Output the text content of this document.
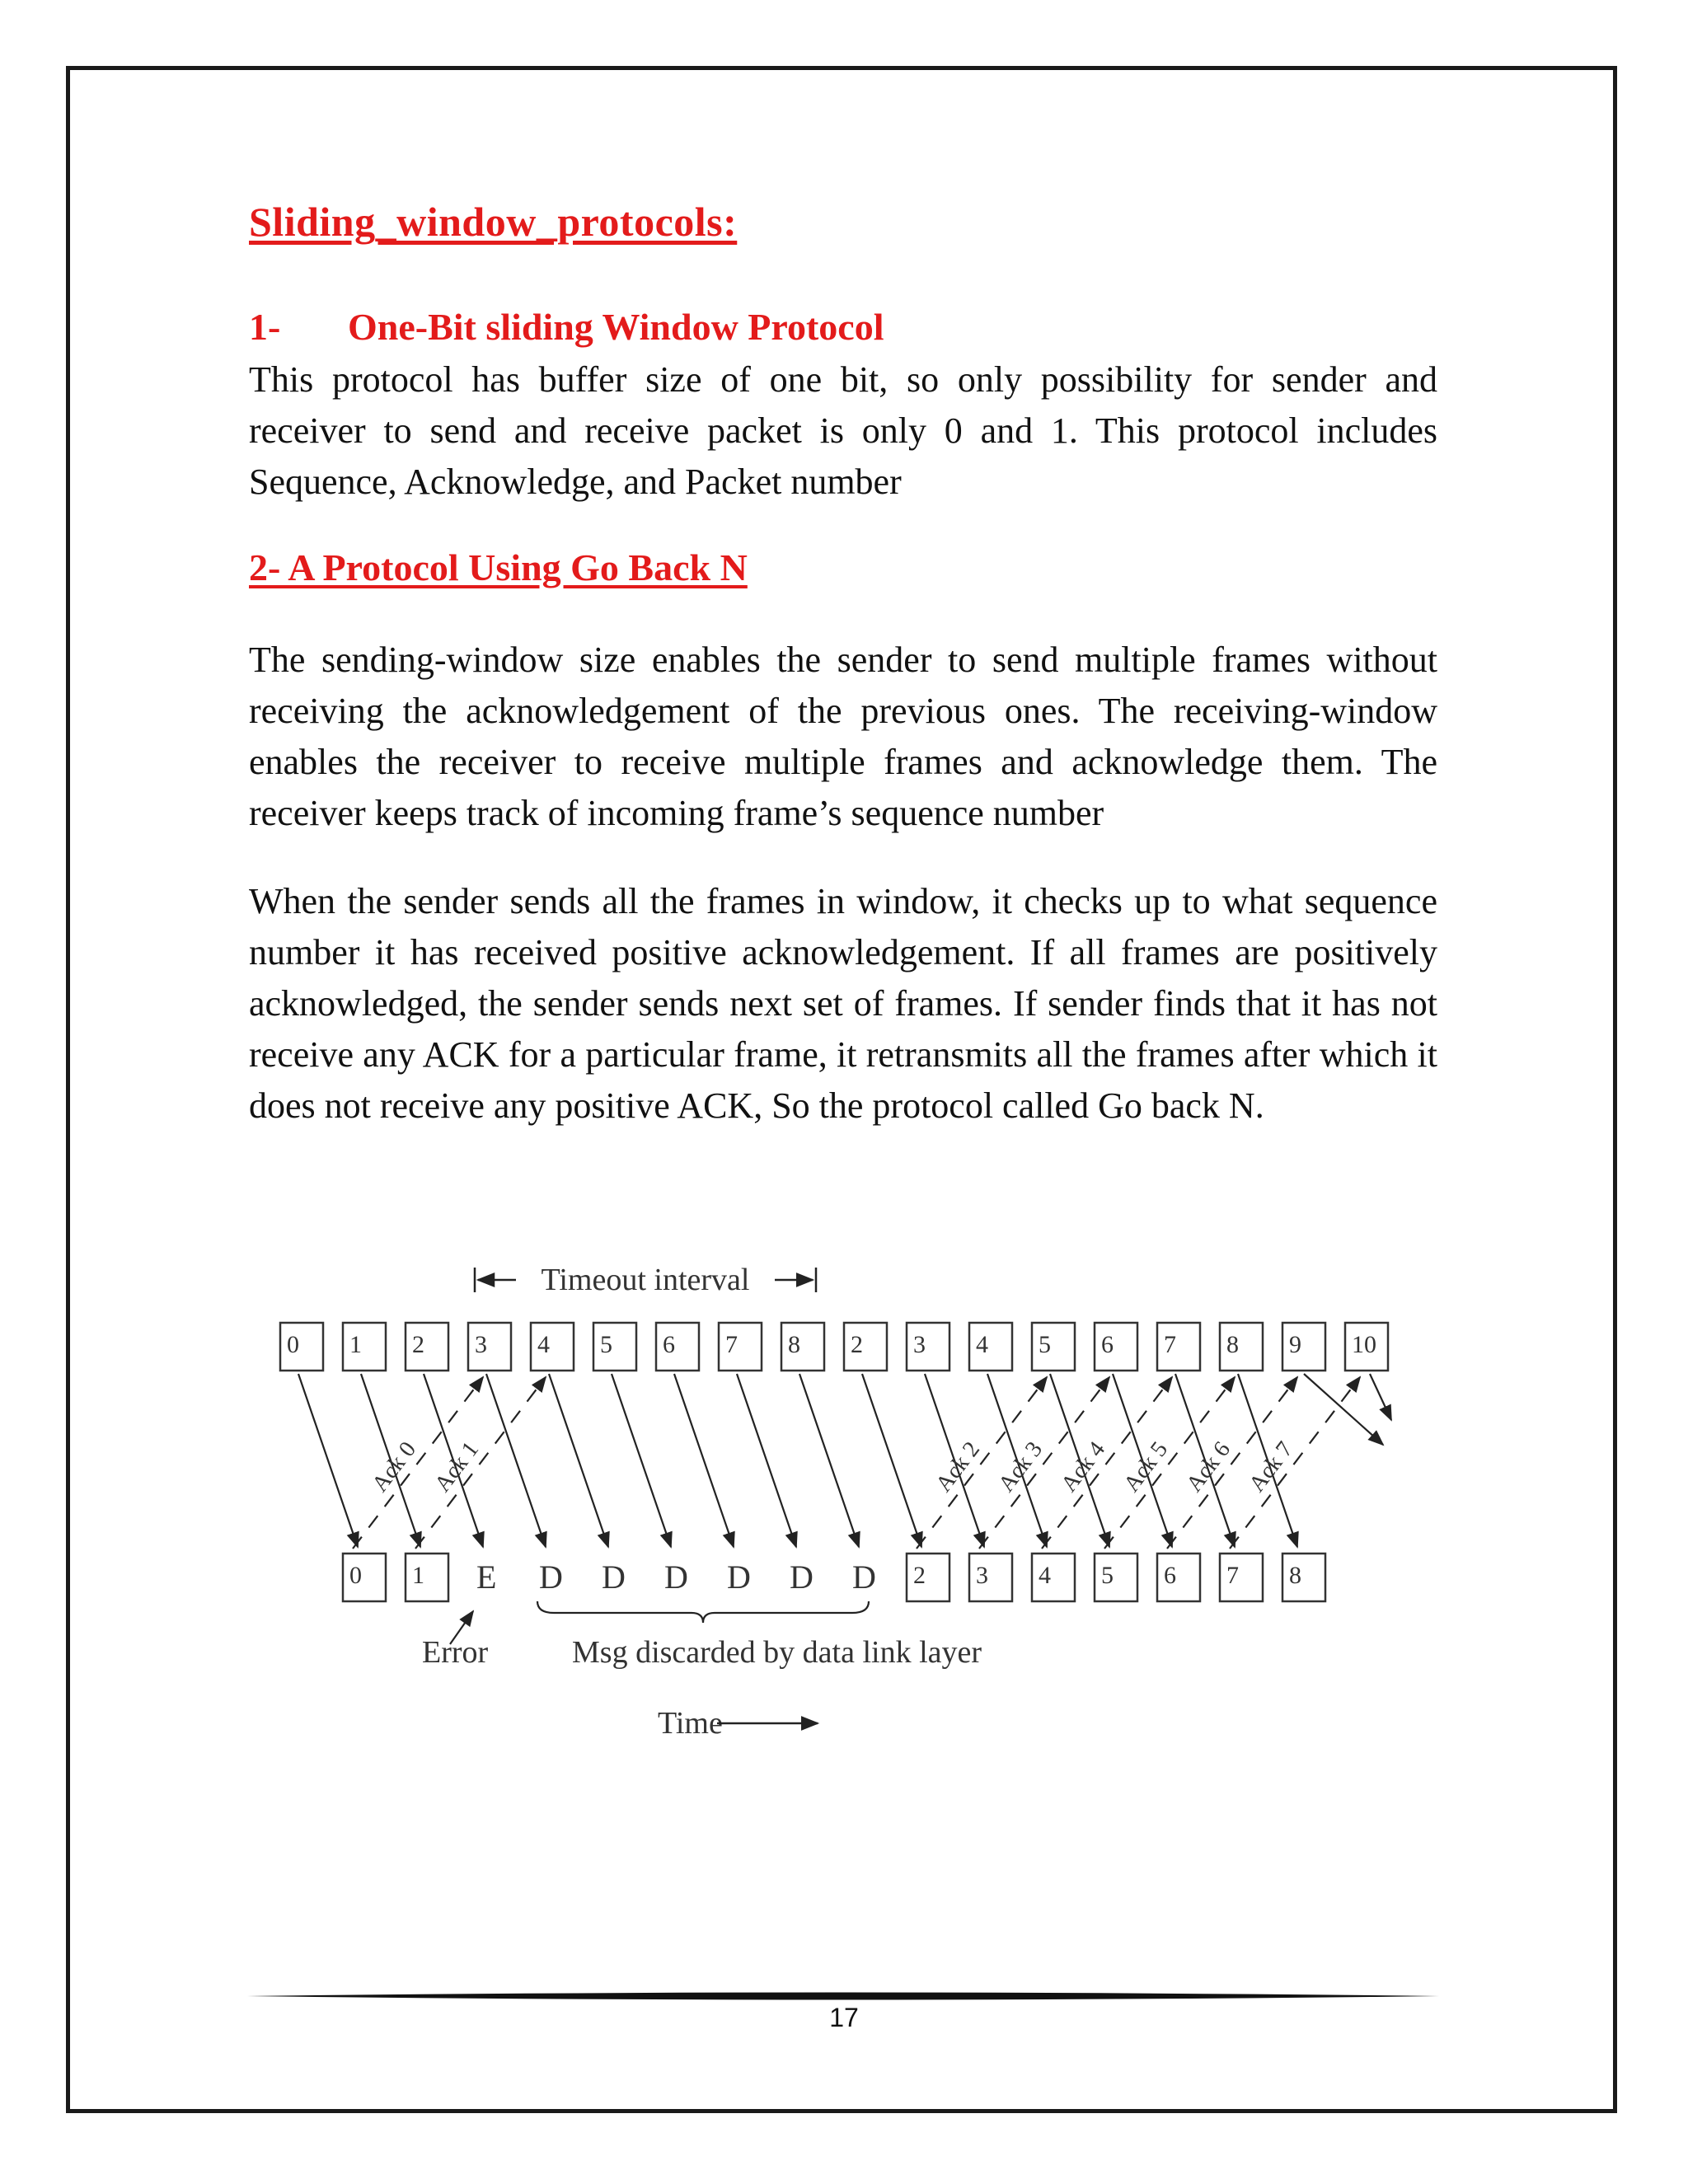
Sliding_window_protocols:
1- One-Bit sliding Window Protocol

This protocol has buffer size of one bit, so only possibility for sender and receiver to send and receive packet is only 0 and 1. This protocol includes Sequence, Acknowledge, and Packet number

2- A Protocol Using Go Back N

The sending-window size enables the sender to send multiple frames without receiving the acknowledgement of the previous ones. The receiving-window enables the receiver to receive multiple frames and acknowledge them. The receiver keeps track of incoming frame’s sequence number

When the sender sends all the frames in window, it checks up to what sequence number it has received positive acknowledgement. If all frames are positively acknowledged, the sender sends next set of frames. If sender finds that it has not receive any ACK for a particular frame, it retransmits all the frames after which it does not receive any positive ACK, So the protocol called Go back N.

0 1 2 3 4 5 6 7 8 2 3 4 5 6 7 8 9 10
0 1 E D D D D D D 2 3 4 5 6 7 8
Ack 0 Ack 1	Ack 2 Ack 3 Ack 4 Ack 5 Ack 6 Ack 7
Timeout interval
Error	Msg discarded by data link layer
Time
17
